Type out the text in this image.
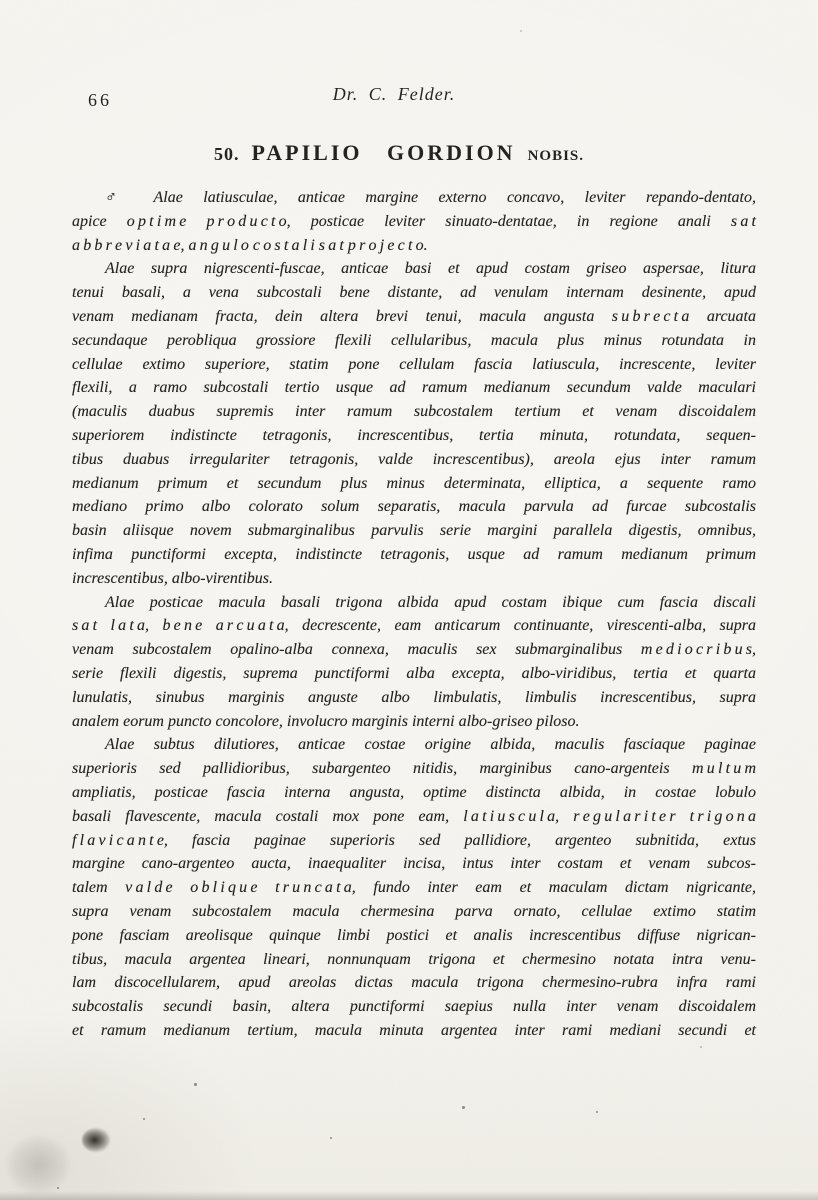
66	Dr. C. Felder.
50. PAPILIO GORDION NOBIS.
♂ Alae latiusculae, anticae margine externo concavo, leviter repando-dentato,
apice o p t i m e p r o d u c t o, posticae leviter sinuato-dentatae, in regione anali s a t
a b b r e v i a t a e, a n g u l o c o s t a l i s a t p r o j e c t o.
Alae supra nigrescenti-fuscae, anticae basi et apud costam griseo aspersae, litura
tenui basali, a vena subcostali bene distante, ad venulam internam desinente, apud
venam medianam fracta, dein altera brevi tenui, macula angusta s u b r e c t a arcuata
secundaque perobliqua grossiore flexili cellularibus, macula plus minus rotundata in
cellulae extimo superiore, statim pone cellulam fascia latiuscula, increscente, leviter
flexili, a ramo subcostali tertio usque ad ramum medianum secundum valde maculari
(maculis duabus supremis inter ramum subcostalem tertium et venam discoidalem
superiorem indistincte tetragonis, increscentibus, tertia minuta, rotundata, sequen-
tibus duabus irregulariter tetragonis, valde increscentibus), areola ejus inter ramum
medianum primum et secundum plus minus determinata, elliptica, a sequente ramo
mediano primo albo colorato solum separatis, macula parvula ad furcae subcostalis
basin aliisque novem submarginalibus parvulis serie margini parallela digestis, omnibus,
infima punctiformi excepta, indistincte tetragonis, usque ad ramum medianum primum
increscentibus, albo-virentibus.
Alae posticae macula basali trigona albida apud costam ibique cum fascia discali
s a t l a t a, b e n e a r c u a t a, decrescente, eam anticarum continuante, virescenti-alba, supra
venam subcostalem opalino-alba connexa, maculis sex submarginalibus m e d i o c r i b u s,
serie flexili digestis, suprema punctiformi alba excepta, albo-viridibus, tertia et quarta
lunulatis, sinubus marginis anguste albo limbulatis, limbulis increscentibus, supra
analem eorum puncto concolore, involucro marginis interni albo-griseo piloso.
Alae subtus dilutiores, anticae costae origine albida, maculis fasciaque paginae
superioris sed pallidioribus, subargenteo nitidis, marginibus cano-argenteis m u l t u m
ampliatis, posticae fascia interna angusta, optime distincta albida, in costae lobulo
basali flavescente, macula costali mox pone eam, l a t i u s c u l a, r e g u l a r i t e r t r i g o n a
f l a v i c a n t e, fascia paginae superioris sed pallidiore, argenteo subnitida, extus
margine cano-argenteo aucta, inaequaliter incisa, intus inter costam et venam subcos-
talem v a l d e o b l i q u e t r u n c a t a, fundo inter eam et maculam dictam nigricante,
supra venam subcostalem macula chermesina parva ornato, cellulae extimo statim
pone fasciam areolisque quinque limbi postici et analis increscentibus diffuse nigrican-
tibus, macula argentea lineari, nonnunquam trigona et chermesino notata intra venu-
lam discocellularem, apud areolas dictas macula trigona chermesino-rubra infra rami
subcostalis secundi basin, altera punctiformi saepius nulla inter venam discoidalem
et ramum medianum tertium, macula minuta argentea inter rami mediani secundi et
